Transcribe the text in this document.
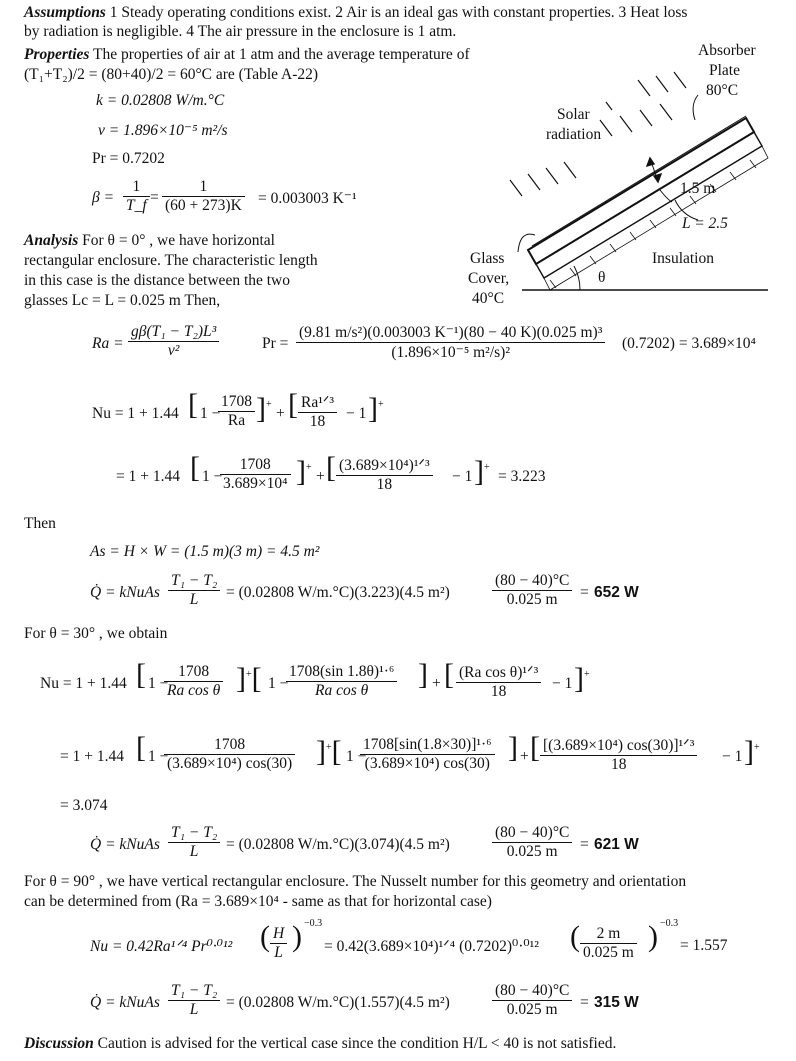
Assumptions 1 Steady operating conditions exist. 2 Air is an ideal gas with constant properties. 3 Heat loss
by radiation is negligible. 4 The air pressure in the enclosure is 1 atm.
Properties The properties of air at 1 atm and the average temperature of
(T₁+T₂)/2 = (80+40)/2 = 60°C are (Table A-22)
k = 0.02808 W/m.°C
ν = 1.896×10⁻⁵ m²/s
Pr = 0.7202
$\beta = \frac{1}{T\_f} = \frac{1}{(60 + 273)K} = 0.003003$ K⁻¹
Absorber
Plate
80°C
Solar
radiation
1.5 m
L = 2.5
Insulation
Glass
Cover,
40°C
θ
Analysis For θ = 0° , we have horizontal
rectangular enclosure. The characteristic length
in this case is the distance between the two
glasses Lc = L = 0.025 m Then,
$Ra = \frac{\text{gβ(T₁ − T₂)L³}}{\text{ν²}}$	$Pr = \frac{\text{(9.81 m/s²)(0.003003 K⁻¹)(80 − 40 K)(0.025 m)³}}{\text{(1.896×10⁻⁵ m²/s)²}} (0.7202) = 3.689\times 10^4$
Nu = 1 + 1.44 [ 1 −
$\frac{1708}{Ra} ]^+$
+ [ Ra¹ᐟ³
18	− 1 ]+
= 1 + 1.44 [ 1 −
$\frac{1708}{\text{3.689×10⁴}} ]^+$
+ [ (3.689×10⁴)¹ᐟ³
18	− 1 ]+
= 3.223
Then
As = H × W = (1.5 m)(3 m) = 4.5 m²
Q̇ = kNuAs $\frac{\text{T₁ − T₂}}{L} = (0.02808$ W/m.°C)(3.223)(4.5 m²)	$\frac{(80 - 40)^\circ C}{0.025 m} = 652$ W
For θ = 30° , we obtain
Nu = 1 + 1.44 [ 1 −
$\frac{1708}{\text{Ra cos θ}} ]^+$[ 1 −
$\frac{\text{1708(sin 1.8θ)¹·⁶}}{\text{Ra cos θ}}$ ] + [ (Ra cos θ)¹ᐟ³
18	− 1 ]+
= 1 + 1.44 [ 1 −
$\frac{1708}{\text{(3.689×10⁴) cos(30)}} ]^+$[ 1 −
$\frac{\text{1708[sin(1.8×30)]¹·⁶}}{\text{(3.689×10⁴) cos(30)}}$ ] + [ [(3.689×10⁴) cos(30)]¹ᐟ³
18	− 1 ]+
= 3.074
Q̇ = kNuAs $\frac{\text{T₁ − T₂}}{L} = (0.02808$ W/m.°C)(3.074)(4.5 m²)	$\frac{(80 - 40)^\circ C}{0.025 m} = 621$ W
For θ = 90° , we have vertical rectangular enclosure. The Nusselt number for this geometry and orientation
can be determined from (Ra = 3.689×10⁴ - same as that for horizontal case)
Nu = 0.42Ra¹ᐟ⁴ Pr⁰·⁰¹² ( $\frac{H}{L}$ ) −0.3
= 0.42(3.689×10⁴)¹ᐟ⁴ (0.7202)⁰·⁰¹² ( $\frac{2 m}{0.025 m}$ ) −0.3
= 1.557
Q̇ = kNuAs $\frac{\text{T₁ − T₂}}{L} = (0.02808$ W/m.°C)(1.557)(4.5 m²)	$\frac{(80 - 40)^\circ C}{0.025 m} = 315$ W
Discussion Caution is advised for the vertical case since the condition H/L < 40 is not satisfied.
